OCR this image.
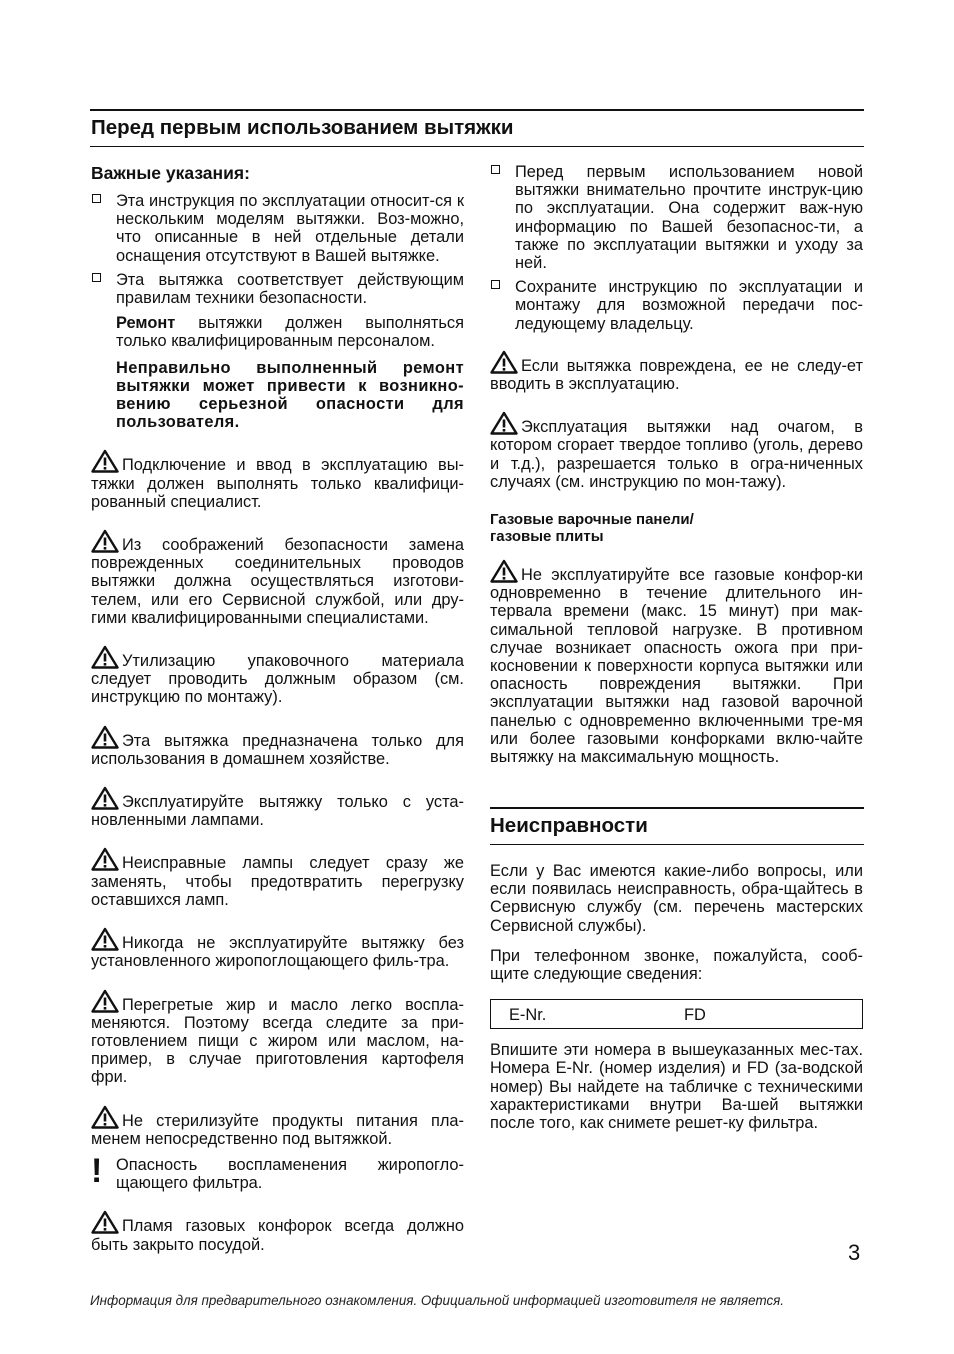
Перед первым использованием вытяжки

Важные указания:

Эта инструкция по эксплуатации относит-ся к нескольким моделям вытяжки. Воз-можно, что описанные в ней отдельные детали оснащения отсутствуют в Вашей вытяжке.
Эта вытяжка соответствует действующим правилам техники безопасности.

Ремонт вытяжки должен выполняться только квалифицированным персоналом.

Неправильно выполненный ремонт вытяжки может привести к возникно-вению серьезной опасности для пользователя.

Подключение и ввод в эксплуатацию вы-тяжки должен выполнять только квалифици-рованный специалист.

Из соображений безопасности замена поврежденных соединительных проводов вытяжки должна осуществляться изготови-телем, или его Сервисной службой, или дру-гими квалифицированными специалистами.

Утилизацию упаковочного материала следует проводить должным образом (см. инструкцию по монтажу).

Эта вытяжка предназначена только для использования в домашнем хозяйстве.

Эксплуатируйте вытяжку только с уста-новленными лампами.

Неисправные лампы следует сразу же заменять, чтобы предотвратить перегрузку оставшихся ламп.

Никогда не эксплуатируйте вытяжку без установленного жиропоглощающего филь-тра.

Перегретые жир и масло легко воспла-меняются. Поэтому всегда следите за при-готовлением пищи с жиром или маслом, на-пример, в случае приготовления картофеля фри.

Не стерилизуйте продукты питания пла-менем непосредственно под вытяжкой.

! Опасность воспламенения жиропогло-щающего фильтра.

Пламя газовых конфорок всегда должно быть закрыто посудой.

Перед первым использованием новой вытяжки внимательно прочтите инструк-цию по эксплуатации. Она содержит важ-ную информацию по Вашей безопаснос-ти, а также по эксплуатации вытяжки и уходу за ней.
Сохраните инструкцию по эксплуатации и монтажу для возможной передачи пос-ледующему владельцу.

Если вытяжка повреждена, ее не следу-ет вводить в эксплуатацию.

Эксплуатация вытяжки над очагом, в котором сгорает твердое топливо (уголь, дерево и т.д.), разрешается только в огра-ниченных случаях (см. инструкцию по мон-тажу).

Газовые варочные панели/
газовые плиты

Не эксплуатируйте все газовые конфор-ки одновременно в течение длительного ин-тервала времени (макс. 15 минут) при мак-симальной тепловой нагрузке. В противном случае возникает опасность ожога при при-косновении к поверхности корпуса вытяжки или опасность повреждения вытяжки. При эксплуатации вытяжки над газовой варочной панелью с одновременно включенными тре-мя или более газовыми конфорками вклю-чайте вытяжку на максимальную мощность.

Неисправности

Если у Вас имеются какие-либо вопросы, или если появилась неисправность, обра-щайтесь в Сервисную службу (см. перечень мастерских Сервисной службы).

При телефонном звонке, пожалуйста, сооб-щите следующие сведения:

E-Nr.	FD

Впишите эти номера в вышеуказанных мес-тах. Номера E-Nr. (номер изделия) и FD (за-водской номер) Вы найдете на табличке с техническими характеристиками внутри Ва-шей вытяжки после того, как снимете решет-ку фильтра.

3
Информация для предварительного ознакомления. Официальной информацией изготовителя не является.
